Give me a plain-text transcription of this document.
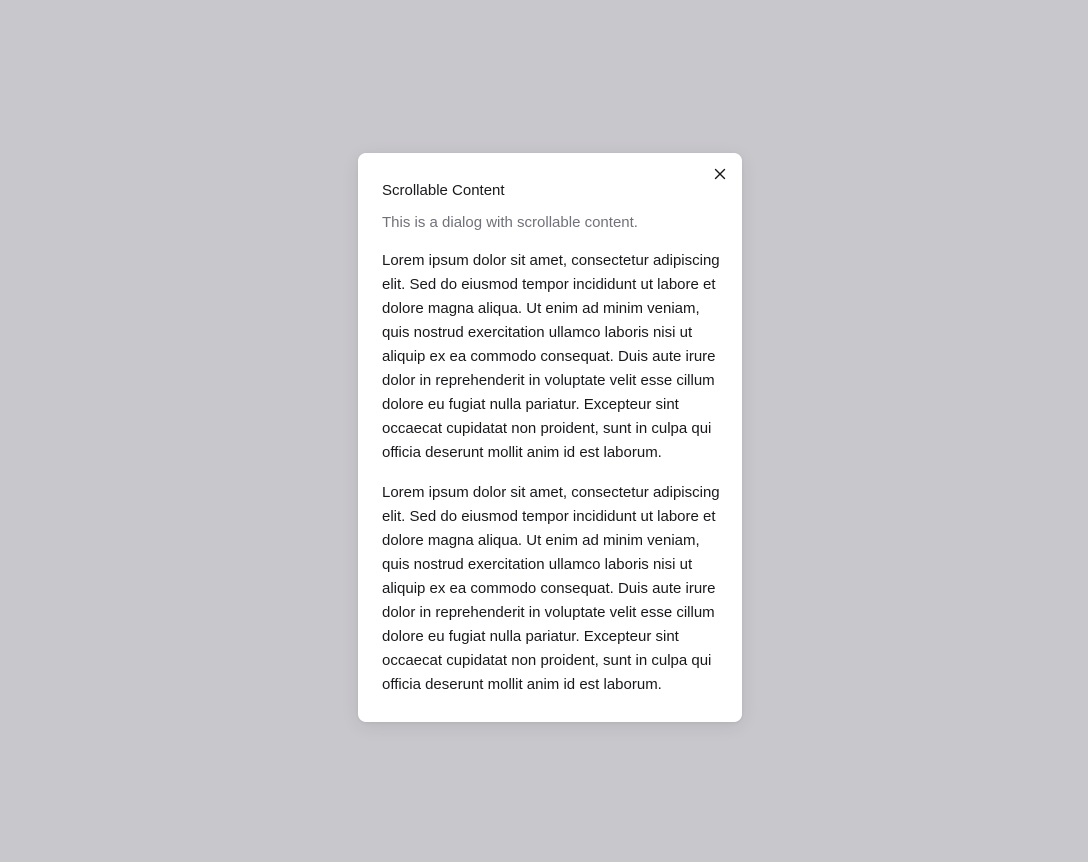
Scrollable Content

This is a dialog with scrollable content.

Lorem ipsum dolor sit amet, consectetur adipiscing elit. Sed do eiusmod tempor incididunt ut labore et dolore magna aliqua. Ut enim ad minim veniam, quis nostrud exercitation ullamco laboris nisi ut aliquip ex ea commodo consequat. Duis aute irure dolor in reprehenderit in voluptate velit esse cillum dolore eu fugiat nulla pariatur. Excepteur sint occaecat cupidatat non proident, sunt in culpa qui officia deserunt mollit anim id est laborum.

Lorem ipsum dolor sit amet, consectetur adipiscing elit. Sed do eiusmod tempor incididunt ut labore et dolore magna aliqua. Ut enim ad minim veniam, quis nostrud exercitation ullamco laboris nisi ut aliquip ex ea commodo consequat. Duis aute irure dolor in reprehenderit in voluptate velit esse cillum dolore eu fugiat nulla pariatur. Excepteur sint occaecat cupidatat non proident, sunt in culpa qui officia deserunt mollit anim id est laborum.
